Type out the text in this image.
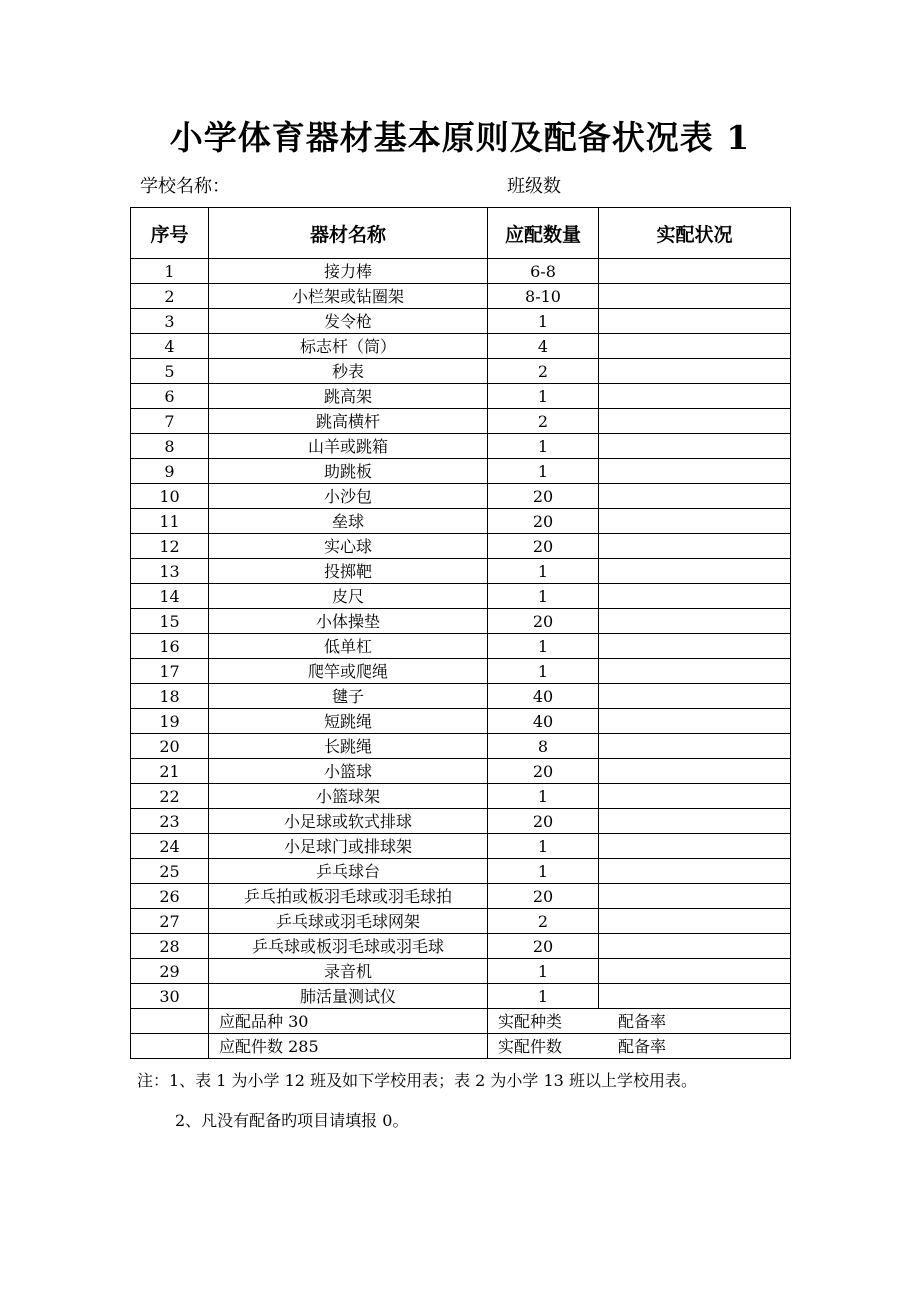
小学体育器材基本原则及配备状况表 1
学校名称：	班级数
序号	器材名称	应配数量	实配状况
1	接力棒	6-8	
2	小栏架或钻圈架	8-10	
3	发令枪	1	
4	标志杆（筒）	4	
5	秒表	2	
6	跳高架	1	
7	跳高横杆	2	
8	山羊或跳箱	1	
9	助跳板	1	
10	小沙包	20	
11	垒球	20	
12	实心球	20	
13	投掷靶	1	
14	皮尺	1	
15	小体操垫	20	
16	低单杠	1	
17	爬竿或爬绳	1	
18	毽子	40	
19	短跳绳	40	
20	长跳绳	8	
21	小篮球	20	
22	小篮球架	1	
23	小足球或软式排球	20	
24	小足球门或排球架	1	
25	乒乓球台	1	
26	乒乓拍或板羽毛球或羽毛球拍	20	
27	乒乓球或羽毛球网架	2	
28	乒乓球或板羽毛球或羽毛球	20	
29	录音机	1	
30	肺活量测试仪	1	
	应配品种 30	实配种类 配备率	
	应配件数 285	实配件数 配备率	
注：1、表 1 为小学 12 班及如下学校用表；表 2 为小学 13 班以上学校用表。
2、凡没有配备旳项目请填报 0。
